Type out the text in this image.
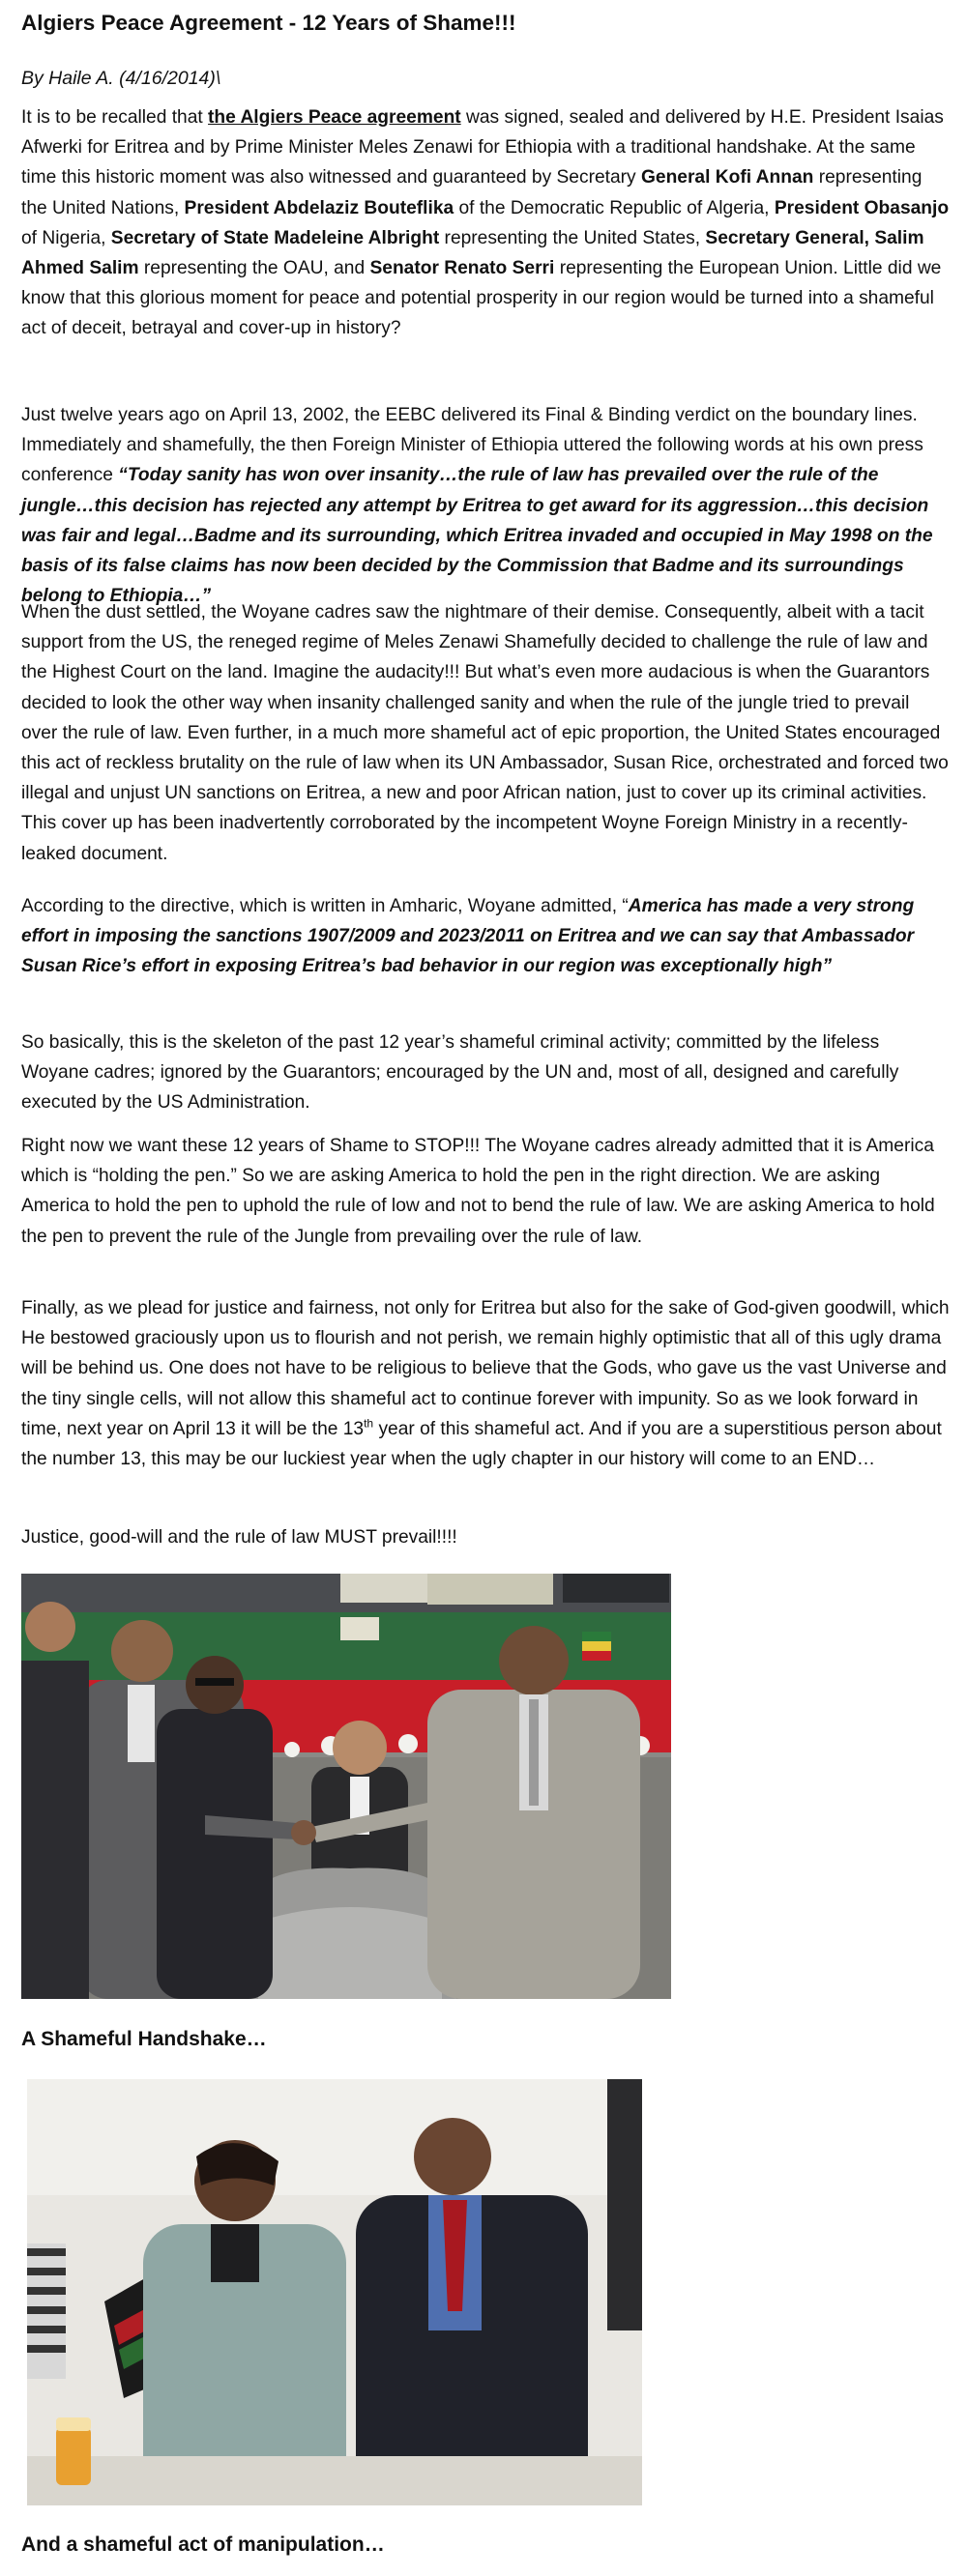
Algiers Peace Agreement - 12 Years of Shame!!!
By Haile A. (4/16/2014)\

It is to be recalled that the Algiers Peace agreement was signed, sealed and delivered by H.E. President Isaias Afwerki for Eritrea and by Prime Minister Meles Zenawi for Ethiopia with a traditional handshake. At the same time this historic moment was also witnessed and guaranteed by Secretary General Kofi Annan representing the United Nations, President Abdelaziz Bouteflika of the Democratic Republic of Algeria, President Obasanjo of Nigeria, Secretary of State Madeleine Albright representing the United States, Secretary General, Salim Ahmed Salim representing the OAU, and Senator Renato Serri representing the European Union. Little did we know that this glorious moment for peace and potential prosperity in our region would be turned into a shameful act of deceit, betrayal and cover-up in history?

Just twelve years ago on April 13, 2002, the EEBC delivered its Final & Binding verdict on the boundary lines. Immediately and shamefully, the then Foreign Minister of Ethiopia uttered the following words at his own press conference “Today sanity has won over insanity…the rule of law has prevailed over the rule of the jungle…this decision has rejected any attempt by Eritrea to get award for its aggression…this decision was fair and legal…Badme and its surrounding, which Eritrea invaded and occupied in May 1998 on the basis of its false claims has now been decided by the Commission that Badme and its surroundings belong to Ethiopia…”

When the dust settled, the Woyane cadres saw the nightmare of their demise. Consequently, albeit with a tacit support from the US, the reneged regime of Meles Zenawi Shamefully decided to challenge the rule of law and the Highest Court on the land. Imagine the audacity!!! But what’s even more audacious is when the Guarantors decided to look the other way when insanity challenged sanity and when the rule of the jungle tried to prevail over the rule of law. Even further, in a much more shameful act of epic proportion, the United States encouraged this act of reckless brutality on the rule of law when its UN Ambassador, Susan Rice, orchestrated and forced two illegal and unjust UN sanctions on Eritrea, a new and poor African nation, just to cover up its criminal activities. This cover up has been inadvertently corroborated by the incompetent Woyne Foreign Ministry in a recently-leaked document.

According to the directive, which is written in Amharic, Woyane admitted, “America has made a very strong effort in imposing the sanctions 1907/2009 and 2023/2011 on Eritrea and we can say that Ambassador Susan Rice’s effort in exposing Eritrea’s bad behavior in our region was exceptionally high”

So basically, this is the skeleton of the past 12 year’s shameful criminal activity; committed by the lifeless Woyane cadres; ignored by the Guarantors; encouraged by the UN and, most of all, designed and carefully executed by the US Administration.

Right now we want these 12 years of Shame to STOP!!! The Woyane cadres already admitted that it is America which is “holding the pen.” So we are asking America to hold the pen in the right direction. We are asking America to hold the pen to uphold the rule of low and not to bend the rule of law. We are asking America to hold the pen to prevent the rule of the Jungle from prevailing over the rule of law.

Finally, as we plead for justice and fairness, not only for Eritrea but also for the sake of God-given goodwill, which He bestowed graciously upon us to flourish and not perish, we remain highly optimistic that all of this ugly drama will be behind us. One does not have to be religious to believe that the Gods, who gave us the vast Universe and the tiny single cells, will not allow this shameful act to continue forever with impunity. So as we look forward in time, next year on April 13 it will be the 13th year of this shameful act. And if you are a superstitious person about the number 13, this may be our luckiest year when the ugly chapter in our history will come to an END…

Justice, good-will and the rule of law MUST prevail!!!!

A Shameful Handshake…
And a shameful act of manipulation…
